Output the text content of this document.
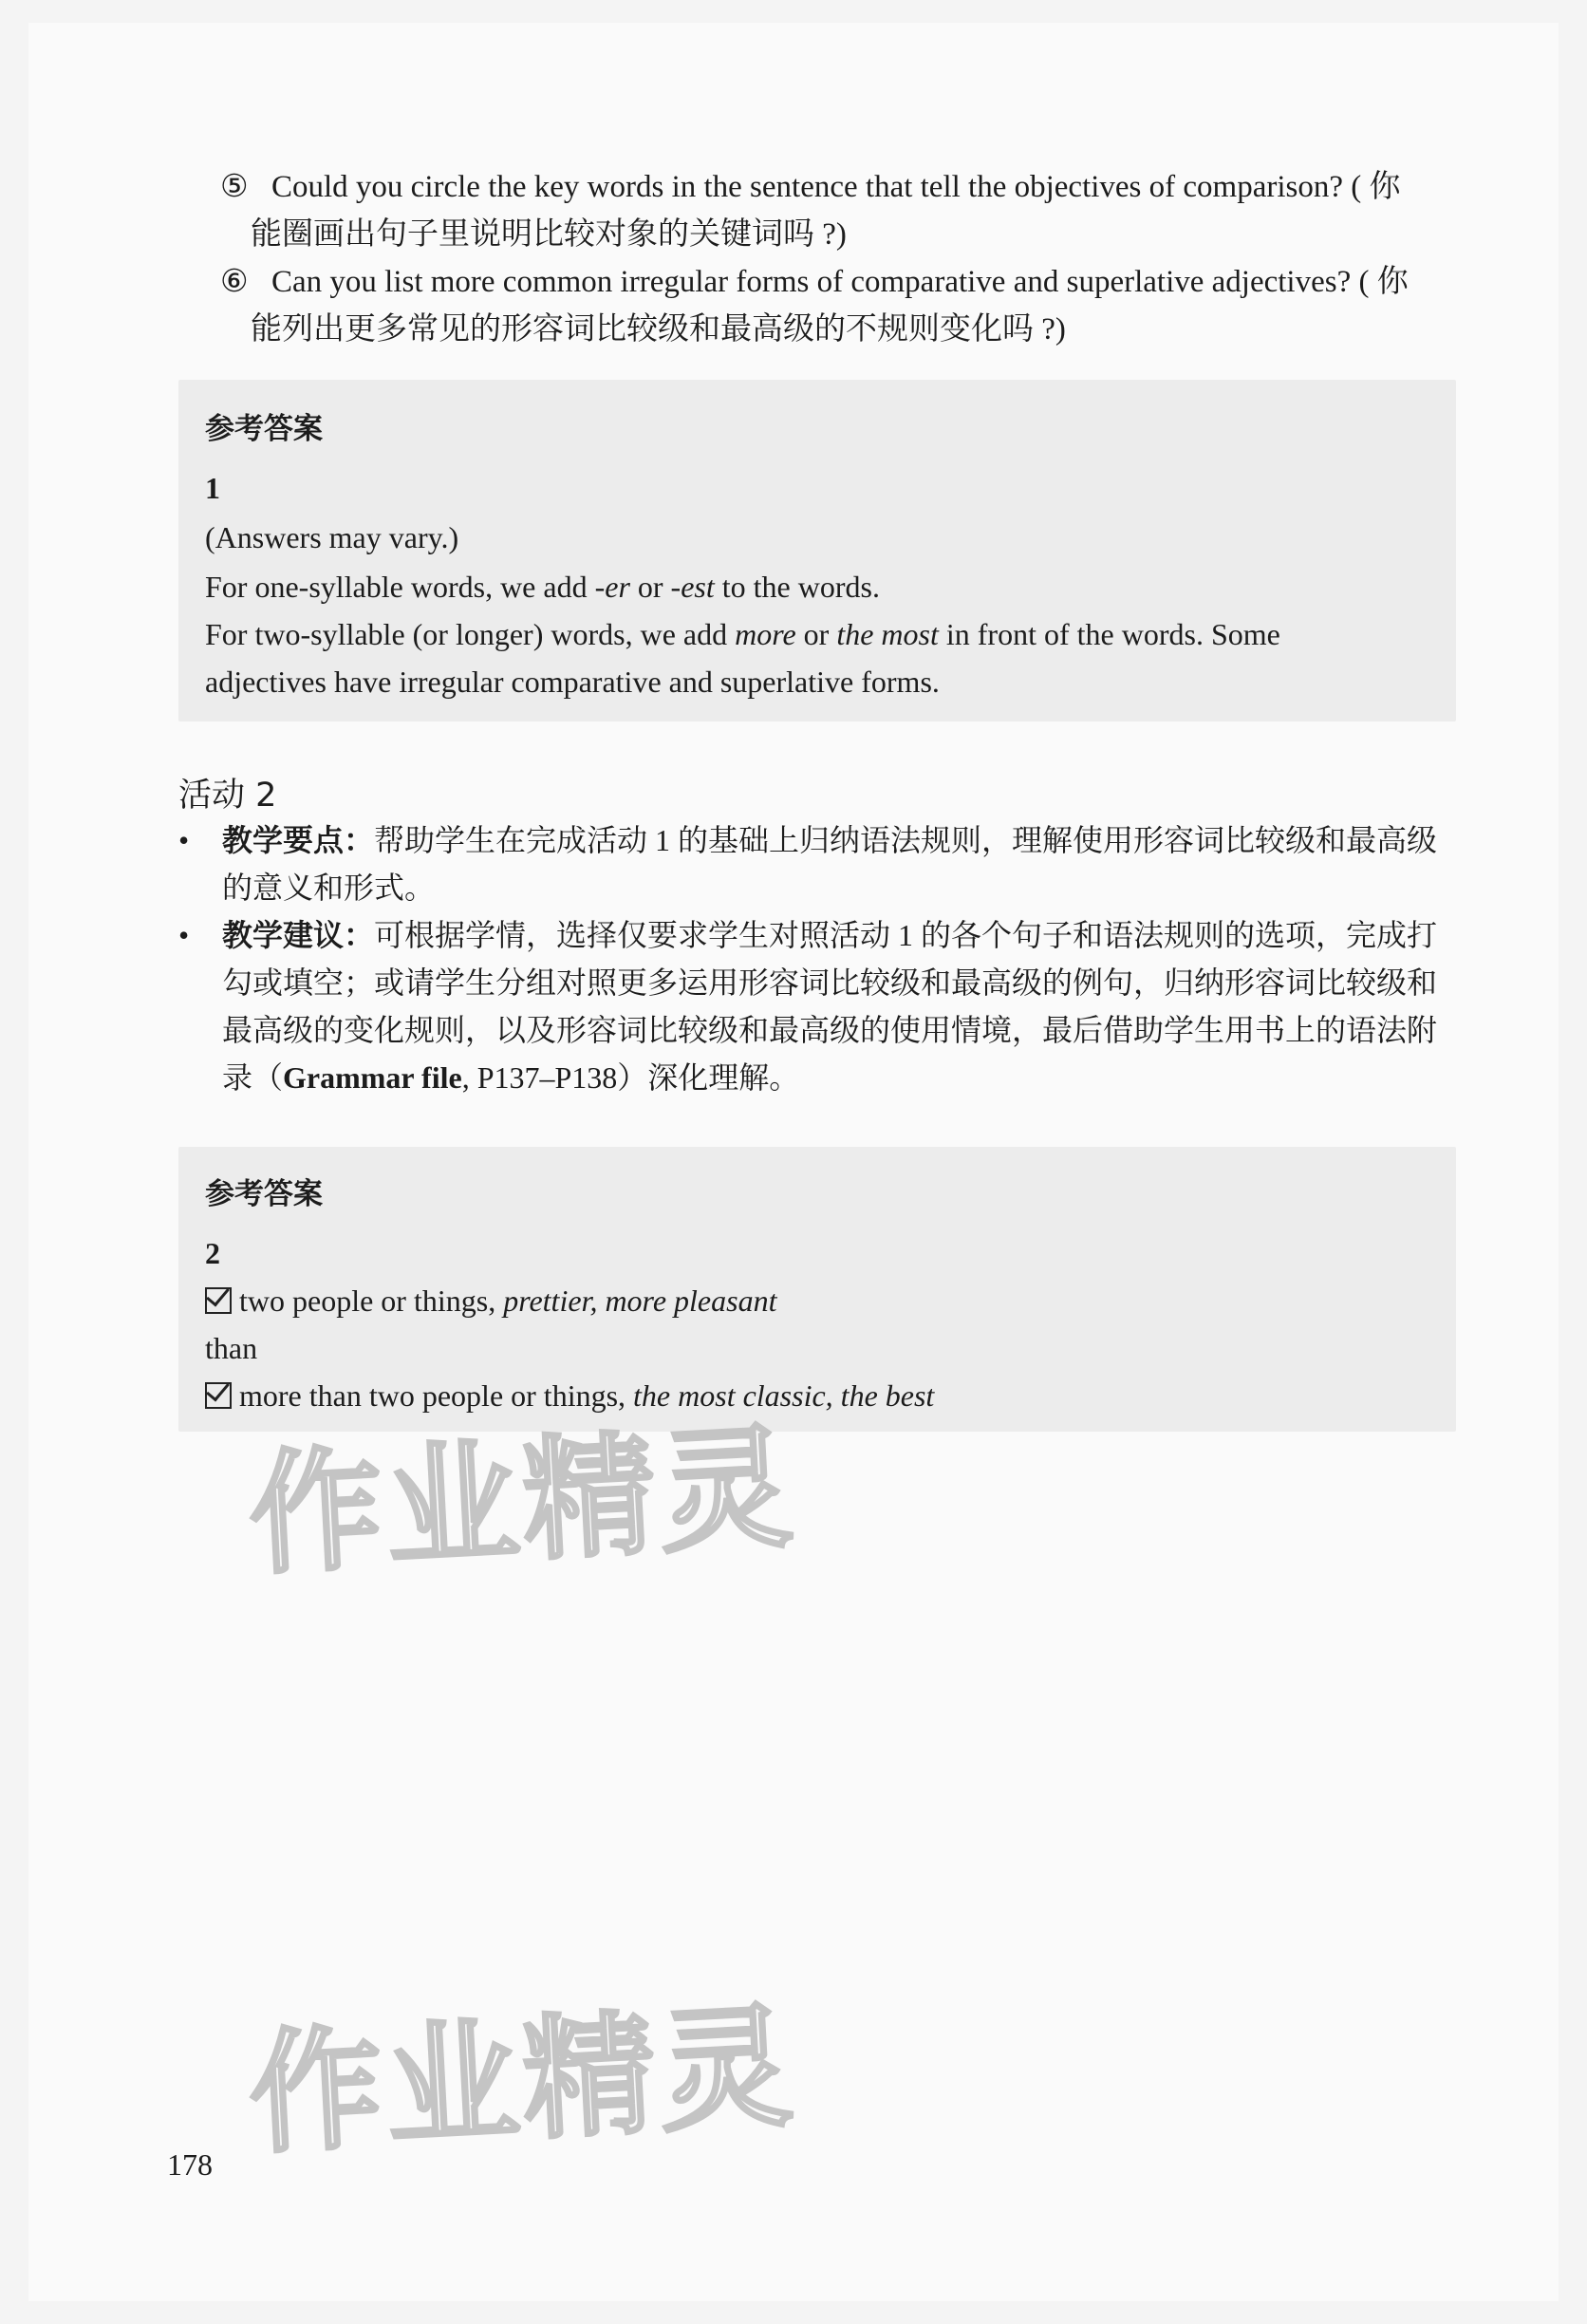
⑤ Could you circle the key words in the sentence that tell the objectives of comparison? ( 你
能圈画出句子里说明比较对象的关键词吗 ?)
⑥ Can you list more common irregular forms of comparative and superlative adjectives? ( 你
能列出更多常见的形容词比较级和最高级的不规则变化吗 ?)
参考答案
1
(Answers may vary.)
For one-syllable words, we add -er or -est to the words.
For two-syllable (or longer) words, we add more or the most in front of the words. Some
adjectives have irregular comparative and superlative forms.
活动 2
• 教学要点：帮助学生在完成活动 1 的基础上归纳语法规则，理解使用形容词比较级和最高级的意义和形式。
• 教学建议：可根据学情，选择仅要求学生对照活动 1 的各个句子和语法规则的选项，完成打勾或填空；或请学生分组对照更多运用形容词比较级和最高级的例句，归纳形容词比较级和最高级的变化规则，以及形容词比较级和最高级的使用情境，最后借助学生用书上的语法附录（Grammar file, P137–P138）深化理解。
参考答案
2
two people or things, prettier, more pleasant
than
more than two people or things, the most classic, the best
作业精灵
作业精灵
178
